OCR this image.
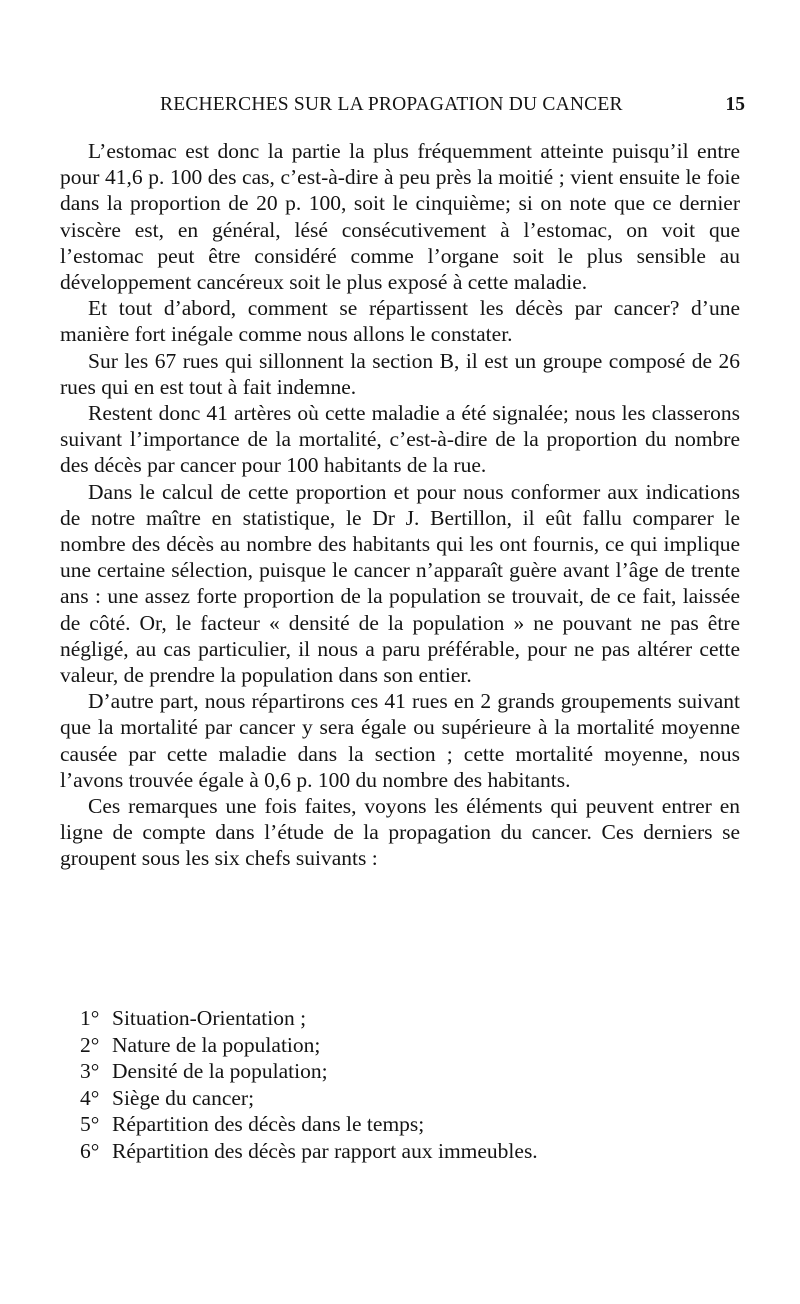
RECHERCHES SUR LA PROPAGATION DU CANCER	15

L’estomac est donc la partie la plus fréquemment atteinte puisqu’il entre pour 41,6 p. 100 des cas, c’est-à-dire à peu près la moitié ; vient ensuite le foie dans la proportion de 20 p. 100, soit le cinquième; si on note que ce dernier viscère est, en général, lésé consécutivement à l’estomac, on voit que l’estomac peut être considéré comme l’organe soit le plus sensible au développement cancéreux soit le plus exposé à cette maladie.

Et tout d’abord, comment se répartissent les décès par cancer? d’une manière fort inégale comme nous allons le constater.

Sur les 67 rues qui sillonnent la section B, il est un groupe composé de 26 rues qui en est tout à fait indemne.

Restent donc 41 artères où cette maladie a été signalée; nous les classerons suivant l’importance de la mortalité, c’est-à-dire de la proportion du nombre des décès par cancer pour 100 habitants de la rue.

Dans le calcul de cette proportion et pour nous conformer aux indications de notre maître en statistique, le Dr J. Bertillon, il eût fallu comparer le nombre des décès au nombre des habitants qui les ont fournis, ce qui implique une certaine sélection, puisque le cancer n’apparaît guère avant l’âge de trente ans : une assez forte proportion de la population se trouvait, de ce fait, laissée de côté. Or, le facteur « densité de la population » ne pouvant ne pas être négligé, au cas particulier, il nous a paru préférable, pour ne pas altérer cette valeur, de prendre la population dans son entier.

D’autre part, nous répartirons ces 41 rues en 2 grands groupements suivant que la mortalité par cancer y sera égale ou supérieure à la mortalité moyenne causée par cette maladie dans la section ; cette mortalité moyenne, nous l’avons trouvée égale à 0,6 p. 100 du nombre des habitants.

Ces remarques une fois faites, voyons les éléments qui peuvent entrer en ligne de compte dans l’étude de la propagation du cancer. Ces derniers se groupent sous les six chefs suivants :

1° Situation-Orientation ;
2° Nature de la population;
3° Densité de la population;
4° Siège du cancer;
5° Répartition des décès dans le temps;
6° Répartition des décès par rapport aux immeubles.
